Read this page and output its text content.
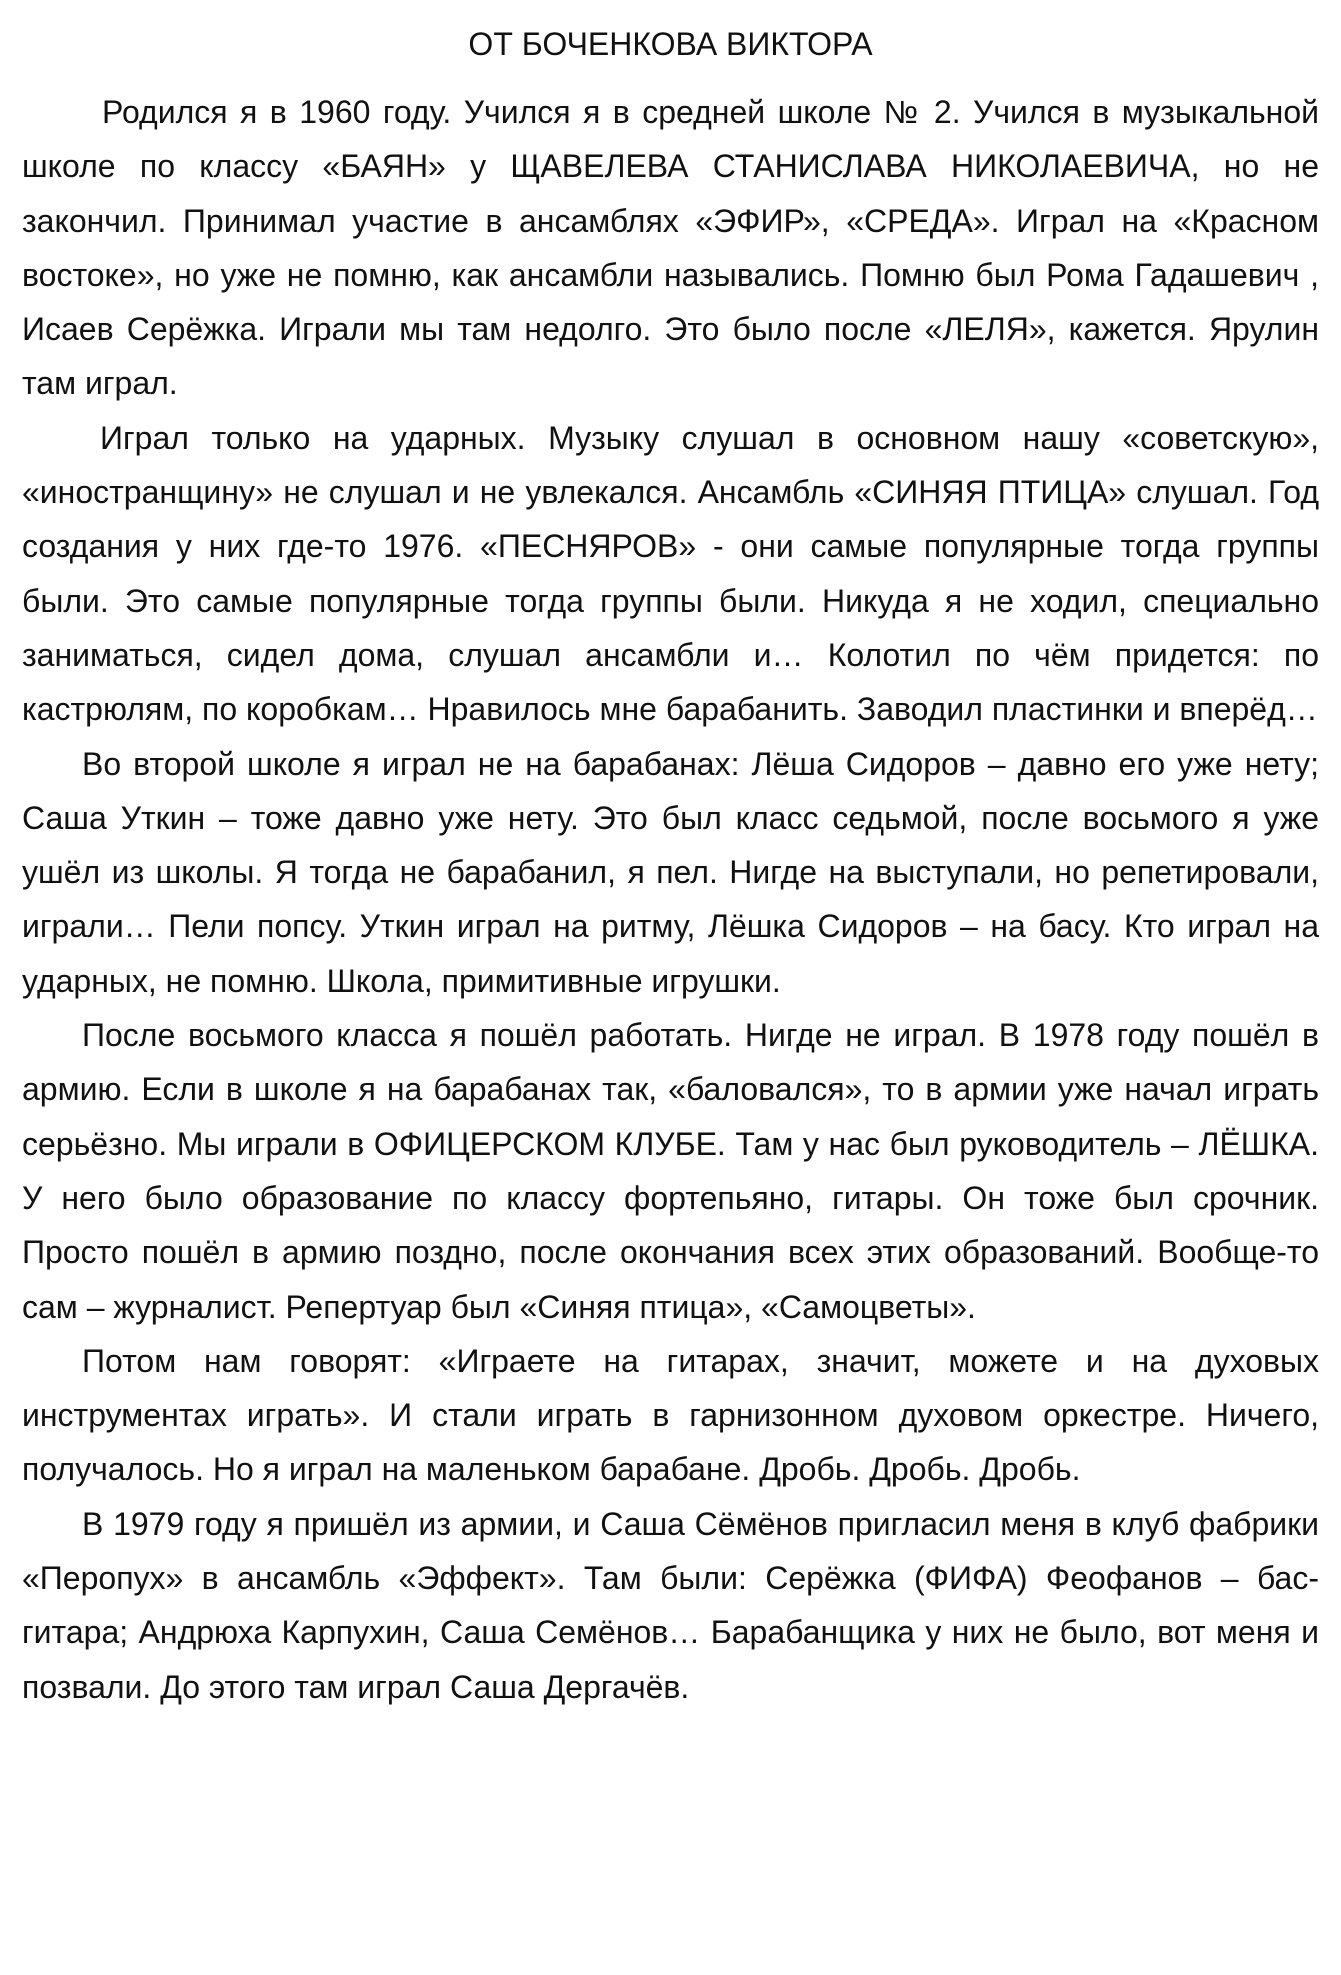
ОТ БОЧЕНКОВА ВИКТОРА

Родился я в 1960 году. Учился я в средней школе № 2. Учился в музыкальной школе по классу «БАЯН» у ЩАВЕЛЕВА СТАНИСЛАВА НИКОЛАЕВИЧА, но не закончил. Принимал участие в ансамблях «ЭФИР», «СРЕДА». Играл на «Красном востоке», но уже не помню, как ансамбли назывались. Помню был Рома Гадашевич , Исаев Серёжка. Играли мы там недолго. Это было после «ЛЕЛЯ», кажется. Ярулин там играл.

Играл только на ударных. Музыку слушал в основном нашу «советскую», «иностранщину» не слушал и не увлекался. Ансамбль «СИНЯЯ ПТИЦА» слушал. Год создания у них где-то 1976. «ПЕСНЯРОВ» - они самые популярные тогда группы были. Это самые популярные тогда группы были. Никуда я не ходил, специально заниматься, сидел дома, слушал ансамбли и… Колотил по чём придется: по кастрюлям, по коробкам… Нравилось мне барабанить. Заводил пластинки и вперёд…

Во второй школе я играл не на барабанах: Лёша Сидоров – давно его уже нету; Саша Уткин – тоже давно уже нету. Это был класс седьмой, после восьмого я уже ушёл из школы. Я тогда не барабанил, я пел. Нигде на выступали, но репетировали, играли… Пели попсу. Уткин играл на ритму, Лёшка Сидоров – на басу. Кто играл на ударных, не помню. Школа, примитивные игрушки.

После восьмого класса я пошёл работать. Нигде не играл. В 1978 году пошёл в армию. Если в школе я на барабанах так, «баловался», то в армии уже начал играть серьёзно. Мы играли в ОФИЦЕРСКОМ КЛУБЕ. Там у нас был руководитель – ЛЁШКА. У него было образование по классу фортепьяно, гитары. Он тоже был срочник. Просто пошёл в армию поздно, после окончания всех этих образований. Вообще-то сам – журналист. Репертуар был «Синяя птица», «Самоцветы».

Потом нам говорят: «Играете на гитарах, значит, можете и на духовых инструментах играть». И стали играть в гарнизонном духовом оркестре. Ничего, получалось. Но я играл на маленьком барабане. Дробь. Дробь. Дробь.

В 1979 году я пришёл из армии, и Саша Сёмёнов пригласил меня в клуб фабрики «Перопух» в ансамбль «Эффект». Там были: Серёжка (ФИФА) Феофанов – бас-гитара; Андрюха Карпухин, Саша Семёнов… Барабанщика у них не было, вот меня и позвали. До этого там играл Саша Дергачёв.
